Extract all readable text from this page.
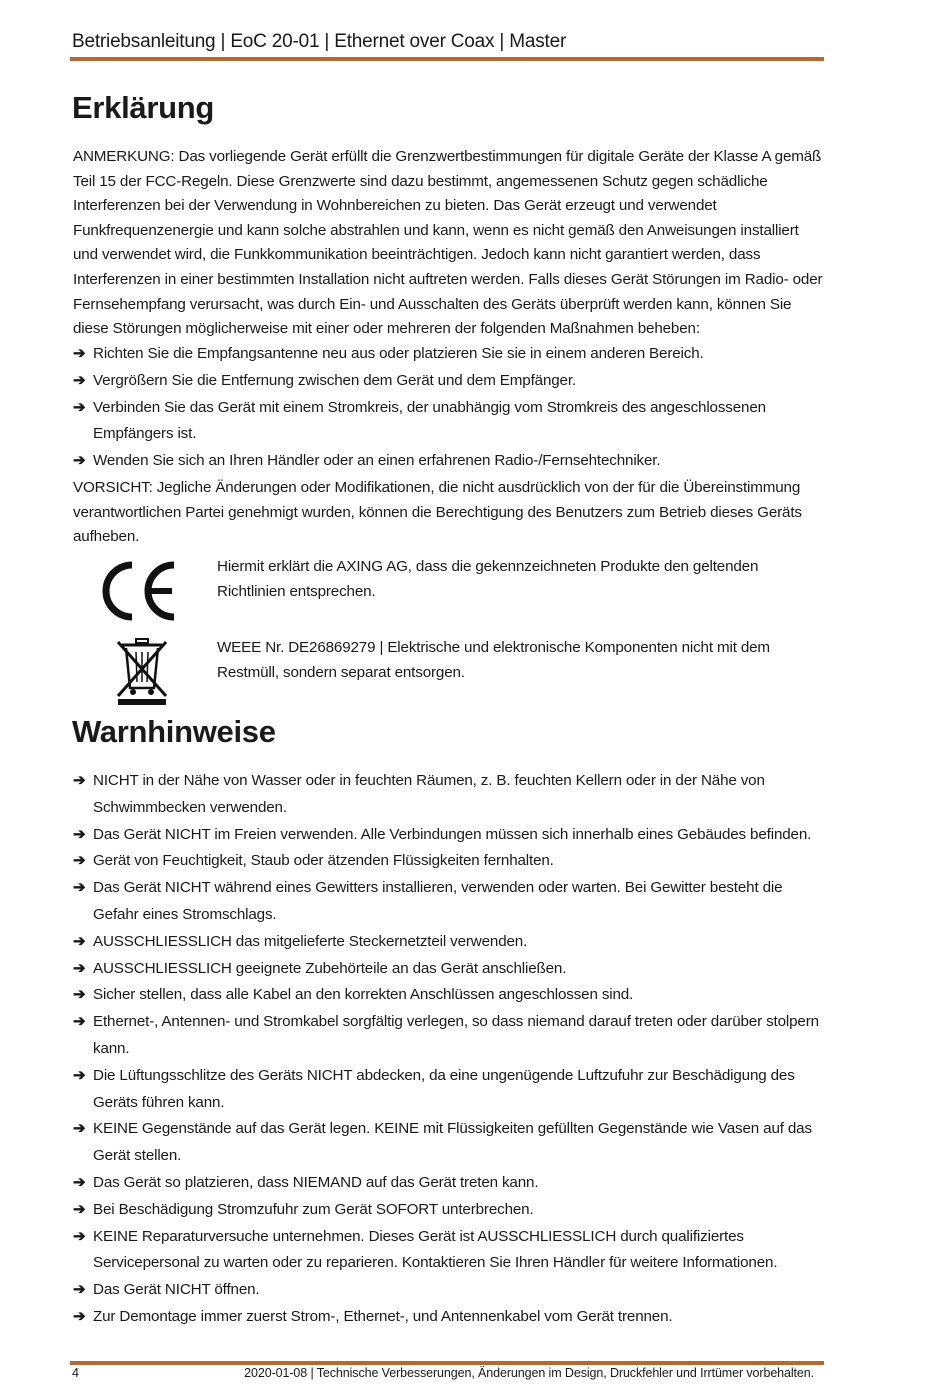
Betriebsanleitung | EoC 20-01 | Ethernet over Coax | Master
Erklärung

ANMERKUNG: Das vorliegende Gerät erfüllt die Grenzwertbestimmungen für digitale Geräte der Klasse A gemäß Teil 15 der FCC-Regeln. Diese Grenzwerte sind dazu bestimmt, angemessenen Schutz gegen schädliche Interferenzen bei der Verwendung in Wohnbereichen zu bieten. Das Gerät erzeugt und verwendet Funkfrequenzenergie und kann solche abstrahlen und kann, wenn es nicht gemäß den Anweisungen installiert und verwendet wird, die Funkkommunikation beeinträchtigen. Jedoch kann nicht garantiert werden, dass Interferenzen in einer bestimmten Installation nicht auftreten werden. Falls dieses Gerät Störungen im Radio- oder Fernsehempfang verursacht, was durch Ein- und Ausschalten des Geräts überprüft werden kann, können Sie diese Störungen möglicherweise mit einer oder mehreren der folgenden Maßnahmen beheben:

➔ Richten Sie die Empfangsantenne neu aus oder platzieren Sie sie in einem anderen Bereich.
➔ Vergrößern Sie die Entfernung zwischen dem Gerät und dem Empfänger.
➔ Verbinden Sie das Gerät mit einem Stromkreis, der unabhängig vom Stromkreis des angeschlossenen Empfängers ist.
➔ Wenden Sie sich an Ihren Händler oder an einen erfahrenen Radio-/Fernsehtechniker.

VORSICHT: Jegliche Änderungen oder Modifikationen, die nicht ausdrücklich von der für die Übereinstimmung verantwortlichen Partei genehmigt wurden, können die Berechtigung des Benutzers zum Betrieb dieses Geräts aufheben.

Hiermit erklärt die AXING AG, dass die gekennzeichneten Produkte den geltenden Richtlinien entsprechen.
WEEE Nr. DE26869279 | Elektrische und elektronische Komponenten nicht mit dem Restmüll, sondern separat entsorgen.
Warnhinweise
➔ NICHT in der Nähe von Wasser oder in feuchten Räumen, z. B. feuchten Kellern oder in der Nähe von Schwimmbecken verwenden.
➔ Das Gerät NICHT im Freien verwenden. Alle Verbindungen müssen sich innerhalb eines Gebäudes befinden.
➔ Gerät von Feuchtigkeit, Staub oder ätzenden Flüssigkeiten fernhalten.
➔ Das Gerät NICHT während eines Gewitters installieren, verwenden oder warten. Bei Gewitter besteht die Gefahr eines Stromschlags.
➔ AUSSCHLIESSLICH das mitgelieferte Steckernetzteil verwenden.
➔ AUSSCHLIESSLICH geeignete Zubehörteile an das Gerät anschließen.
➔ Sicher stellen, dass alle Kabel an den korrekten Anschlüssen angeschlossen sind.
➔ Ethernet-, Antennen- und Stromkabel sorgfältig verlegen, so dass niemand darauf treten oder darüber stolpern kann.
➔ Die Lüftungsschlitze des Geräts NICHT abdecken, da eine ungenügende Luftzufuhr zur Beschädigung des Geräts führen kann.
➔ KEINE Gegenstände auf das Gerät legen. KEINE mit Flüssigkeiten gefüllten Gegenstände wie Vasen auf das Gerät stellen.
➔ Das Gerät so platzieren, dass NIEMAND auf das Gerät treten kann.
➔ Bei Beschädigung Stromzufuhr zum Gerät SOFORT unterbrechen.
➔ KEINE Reparaturversuche unternehmen. Dieses Gerät ist AUSSCHLIESSLICH durch qualifiziertes Servicepersonal zu warten oder zu reparieren. Kontaktieren Sie Ihren Händler für weitere Informationen.
➔ Das Gerät NICHT öffnen.
➔ Zur Demontage immer zuerst Strom-, Ethernet-, und Antennenkabel vom Gerät trennen.
4	2020-01-08 | Technische Verbesserungen, Änderungen im Design, Druckfehler und Irrtümer vorbehalten.
